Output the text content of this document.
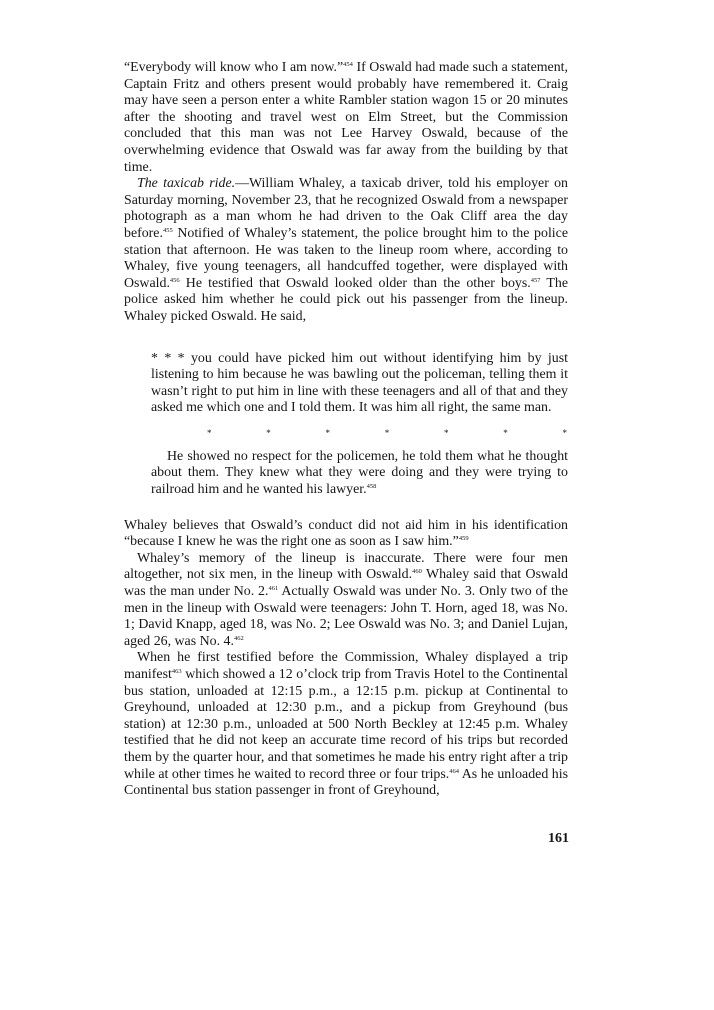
“Everybody will know who I am now.”$^{454}$ If Oswald had made such a statement, Captain Fritz and others present would probably have remembered it. Craig may have seen a person enter a white Rambler station wagon 15 or 20 minutes after the shooting and travel west on Elm Street, but the Commission concluded that this man was not Lee Harvey Oswald, because of the overwhelming evidence that Oswald was far away from the building by that time.

The taxicab ride.—William Whaley, a taxicab driver, told his employer on Saturday morning, November 23, that he recognized Oswald from a newspaper photograph as a man whom he had driven to the Oak Cliff area the day before.$^{455}$ Notified of Whaley’s statement, the police brought him to the police station that afternoon. He was taken to the lineup room where, according to Whaley, five young teenagers, all handcuffed together, were displayed with Oswald.$^{456}$ He testified that Oswald looked older than the other boys.$^{457}$ The police asked him whether he could pick out his passenger from the lineup. Whaley picked Oswald. He said,

* * * you could have picked him out without identifying him by just listening to him because he was bawling out the policeman, telling them it wasn’t right to put him in line with these teenagers and all of that and they asked me which one and I told them. It was him all right, the same man.

*	*	*	*	*	*	*

He showed no respect for the policemen, he told them what he thought about them. They knew what they were doing and they were trying to railroad him and he wanted his lawyer.$^{458}$

Whaley believes that Oswald’s conduct did not aid him in his identification “because I knew he was the right one as soon as I saw him.”$^{459}$

Whaley’s memory of the lineup is inaccurate. There were four men altogether, not six men, in the lineup with Oswald.$^{460}$ Whaley said that Oswald was the man under No. 2.$^{461}$ Actually Oswald was under No. 3. Only two of the men in the lineup with Oswald were teenagers: John T. Horn, aged 18, was No. 1; David Knapp, aged 18, was No. 2; Lee Oswald was No. 3; and Daniel Lujan, aged 26, was No. 4.$^{462}$

When he first testified before the Commission, Whaley displayed a trip manifest$^{463}$ which showed a 12 o’clock trip from Travis Hotel to the Continental bus station, unloaded at 12:15 p.m., a 12:15 p.m. pickup at Continental to Greyhound, unloaded at 12:30 p.m., and a pickup from Greyhound (bus station) at 12:30 p.m., unloaded at 500 North Beckley at 12:45 p.m. Whaley testified that he did not keep an accurate time record of his trips but recorded them by the quarter hour, and that sometimes he made his entry right after a trip while at other times he waited to record three or four trips.$^{464}$ As he unloaded his Continental bus station passenger in front of Greyhound,

161
